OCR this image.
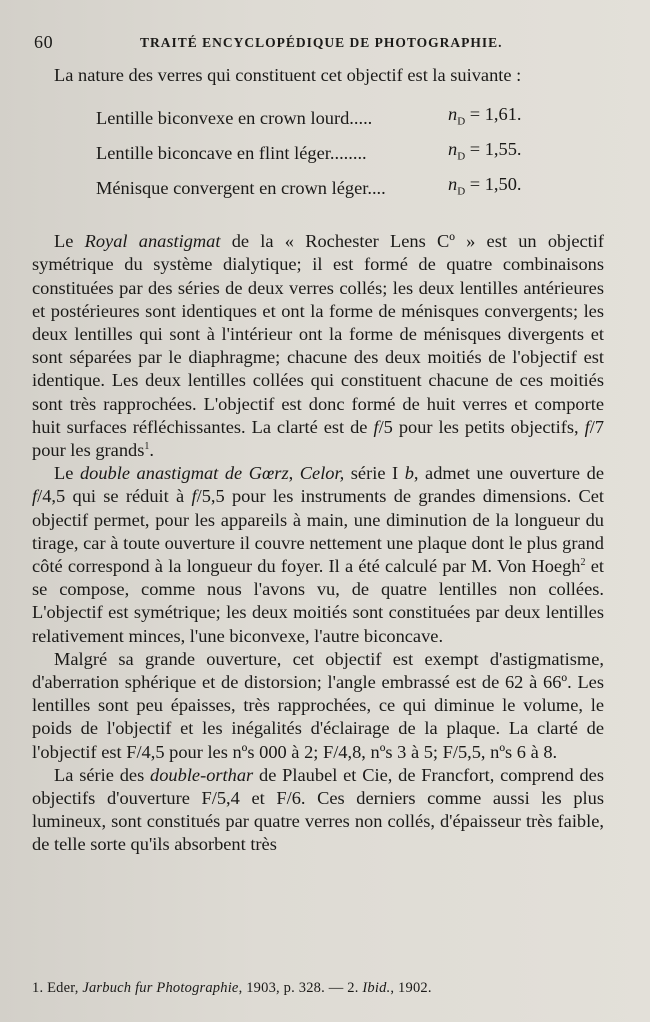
60	TRAITÉ ENCYCLOPÉDIQUE DE PHOTOGRAPHIE.

La nature des verres qui constituent cet objectif est la suivante :

Lentille biconvexe en crown lourd.....	$n_D = 1,61$.
Lentille biconcave en flint léger........	$n_D = 1,55$.
Ménisque convergent en crown léger....	$n_D = 1,50$.

Le Royal anastigmat de la « Rochester Lens Cº » est un objectif symétrique du système dialytique; il est formé de quatre combinaisons constituées par des séries de deux verres collés; les deux lentilles antérieures et postérieures sont identiques et ont la forme de ménisques convergents; les deux lentilles qui sont à l'intérieur ont la forme de ménisques divergents et sont séparées par le diaphragme; chacune des deux moitiés de l'objectif est identique. Les deux lentilles collées qui constituent chacune de ces moitiés sont très rapprochées. L'objectif est donc formé de huit verres et comporte huit surfaces réfléchissantes. La clarté est de f/5 pour les petits objectifs, f/7 pour les grands$^1$.

Le double anastigmat de Gœrz, Celor, série I b, admet une ouverture de f/4,5 qui se réduit à f/5,5 pour les instruments de grandes dimensions. Cet objectif permet, pour les appareils à main, une diminution de la longueur du tirage, car à toute ouverture il couvre nettement une plaque dont le plus grand côté correspond à la longueur du foyer. Il a été calculé par M. Von Hoegh$^2$ et se compose, comme nous l'avons vu, de quatre lentilles non collées. L'objectif est symétrique; les deux moitiés sont constituées par deux lentilles relativement minces, l'une biconvexe, l'autre biconcave.

Malgré sa grande ouverture, cet objectif est exempt d'astigmatisme, d'aberration sphérique et de distorsion; l'angle embrassé est de 62 à 66º. Les lentilles sont peu épaisses, très rapprochées, ce qui diminue le volume, le poids de l'objectif et les inégalités d'éclairage de la plaque. La clarté de l'objectif est F/4,5 pour les nºs 000 à 2; F/4,8, nºs 3 à 5; F/5,5, nºs 6 à 8.

La série des double-orthar de Plaubel et Cie, de Francfort, comprend des objectifs d'ouverture F/5,4 et F/6. Ces derniers comme aussi les plus lumineux, sont constitués par quatre verres non collés, d'épaisseur très faible, de telle sorte qu'ils absorbent très

1. Eder, Jarbuch fur Photographie, 1903, p. 328. — 2. Ibid., 1902.
